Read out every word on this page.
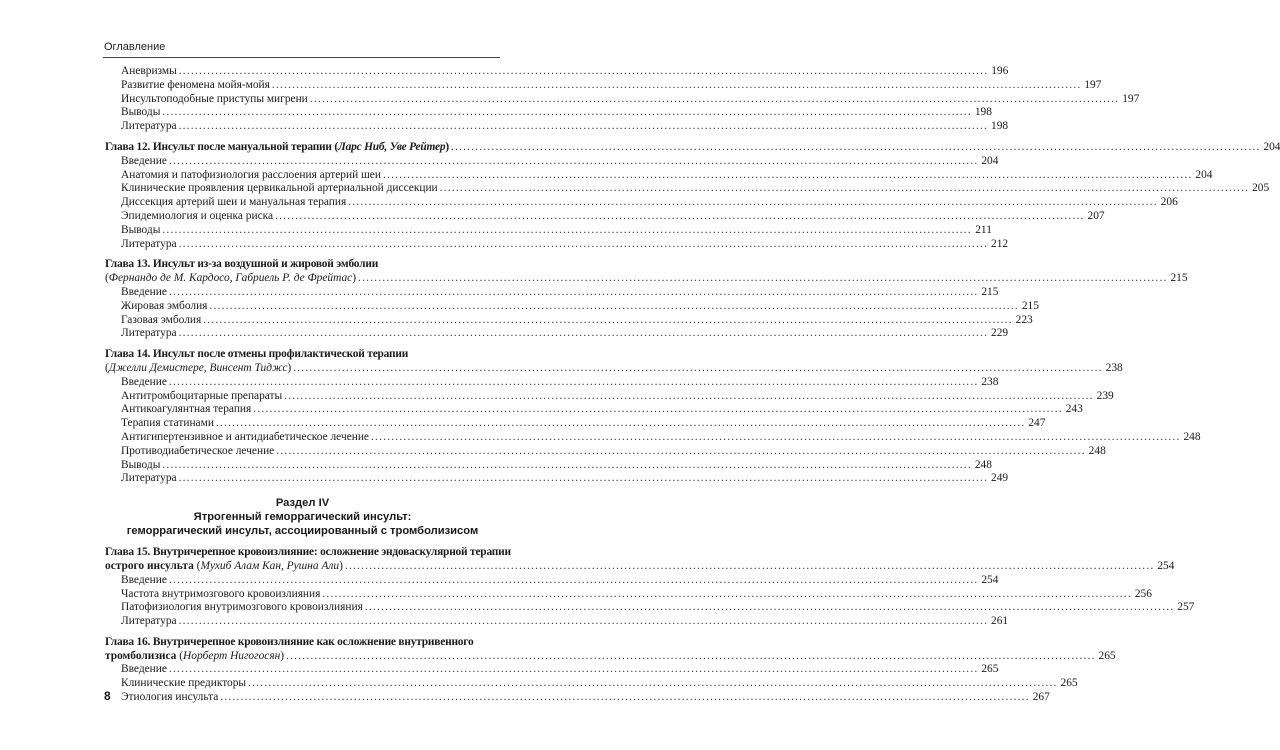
Оглавление
Аневризмы ........................................................................................................................................................................................................ 196
Развитие феномена мойя-мойя ........................................................................................................................................................................................................ 197
Инсультоподобные приступы мигрени ........................................................................................................................................................................................................ 197
Выводы ........................................................................................................................................................................................................ 198
Литература ........................................................................................................................................................................................................ 198
Глава 12. Инсульт после мануальной терапии (Ларс Ниб, Уве Рейтер) ........................................................................................................................................................................................................ 204
Введение ........................................................................................................................................................................................................ 204
Анатомия и патофизиология расслоения артерий шеи ........................................................................................................................................................................................................ 204
Клинические проявления цервикальной артериальной диссекции ........................................................................................................................................................................................................ 205
Диссекция артерий шеи и мануальная терапия ........................................................................................................................................................................................................ 206
Эпидемиология и оценка риска ........................................................................................................................................................................................................ 207
Выводы ........................................................................................................................................................................................................ 211
Литература ........................................................................................................................................................................................................ 212
Глава 13. Инсульт из-за воздушной и жировой эмболии
(Фернандо де М. Кардосо, Габриель Р. де Фрейтас) ........................................................................................................................................................................................................ 215
Введение ........................................................................................................................................................................................................ 215
Жировая эмболия ........................................................................................................................................................................................................ 215
Газовая эмболия ........................................................................................................................................................................................................ 223
Литература ........................................................................................................................................................................................................ 229
Глава 14. Инсульт после отмены профилактической терапии
(Джелли Демистере, Винсент Тиджс) ........................................................................................................................................................................................................ 238
Введение ........................................................................................................................................................................................................ 238
Антитромбоцитарные препараты ........................................................................................................................................................................................................ 239
Антикоагулянтная терапия ........................................................................................................................................................................................................ 243
Терапия статинами ........................................................................................................................................................................................................ 247
Антигипертензивное и антидиабетическое лечение ........................................................................................................................................................................................................ 248
Противодиабетическое лечение ........................................................................................................................................................................................................ 248
Выводы ........................................................................................................................................................................................................ 248
Литература ........................................................................................................................................................................................................ 249
Раздел IV
Ятрогенный геморрагический инсульт:
геморрагический инсульт, ассоциированный с тромболизисом
Глава 15. Внутричерепное кровоизлияние: осложнение эндоваскулярной терапии
острого инсульта (Мухиб Алам Кан, Рушна Али) ........................................................................................................................................................................................................ 254
Введение ........................................................................................................................................................................................................ 254
Частота внутримозгового кровоизлияния ........................................................................................................................................................................................................ 256
Патофизиология внутримозгового кровоизлияния ........................................................................................................................................................................................................ 257
Литература ........................................................................................................................................................................................................ 261
Глава 16. Внутричерепное кровоизлияние как осложнение внутривенного
тромболизиса (Норберт Нигогосян) ........................................................................................................................................................................................................ 265
Введение ........................................................................................................................................................................................................ 265
Клинические предикторы ........................................................................................................................................................................................................ 265
Этиология инсульта ........................................................................................................................................................................................................ 267
8
